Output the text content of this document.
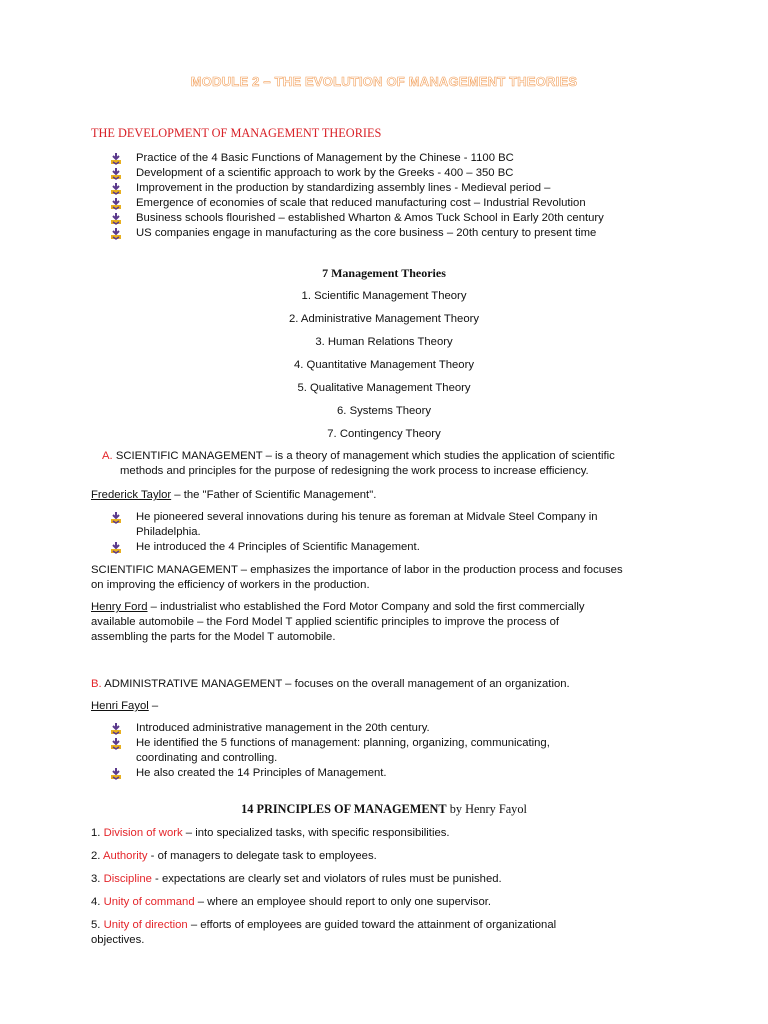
MODULE 2 – THE EVOLUTION OF MANAGEMENT THEORIES
THE DEVELOPMENT OF MANAGEMENT THEORIES
Practice of the 4 Basic Functions of Management by the Chinese - 1100 BC
Development of a scientific approach to work by the Greeks - 400 – 350 BC
Improvement in the production by standardizing assembly lines - Medieval period –
Emergence of economies of scale that reduced manufacturing cost – Industrial Revolution
Business schools flourished – established Wharton & Amos Tuck School in Early 20th century
US companies engage in manufacturing as the core business – 20th century to present time
7 Management Theories
1. Scientific Management Theory
2. Administrative Management Theory
3. Human Relations Theory
4. Quantitative Management Theory
5. Qualitative Management Theory
6. Systems Theory
7. Contingency Theory
A. SCIENTIFIC MANAGEMENT – is a theory of management which studies the application of scientific
methods and principles for the purpose of redesigning the work process to increase efficiency.
Frederick Taylor – the "Father of Scientific Management".
He pioneered several innovations during his tenure as foreman at Midvale Steel Company in
Philadelphia.
He introduced the 4 Principles of Scientific Management.
SCIENTIFIC MANAGEMENT – emphasizes the importance of labor in the production process and focuses
on improving the efficiency of workers in the production.
Henry Ford – industrialist who established the Ford Motor Company and sold the first commercially
available automobile – the Ford Model T applied scientific principles to improve the process of
assembling the parts for the Model T automobile.
B. ADMINISTRATIVE MANAGEMENT – focuses on the overall management of an organization.
Henri Fayol –
Introduced administrative management in the 20th century.
He identified the 5 functions of management: planning, organizing, communicating,
coordinating and controlling.
He also created the 14 Principles of Management.
14 PRINCIPLES OF MANAGEMENT by Henry Fayol
1. Division of work – into specialized tasks, with specific responsibilities.
2. Authority - of managers to delegate task to employees.
3. Discipline - expectations are clearly set and violators of rules must be punished.
4. Unity of command – where an employee should report to only one supervisor.
5. Unity of direction – efforts of employees are guided toward the attainment of organizational
objectives.
